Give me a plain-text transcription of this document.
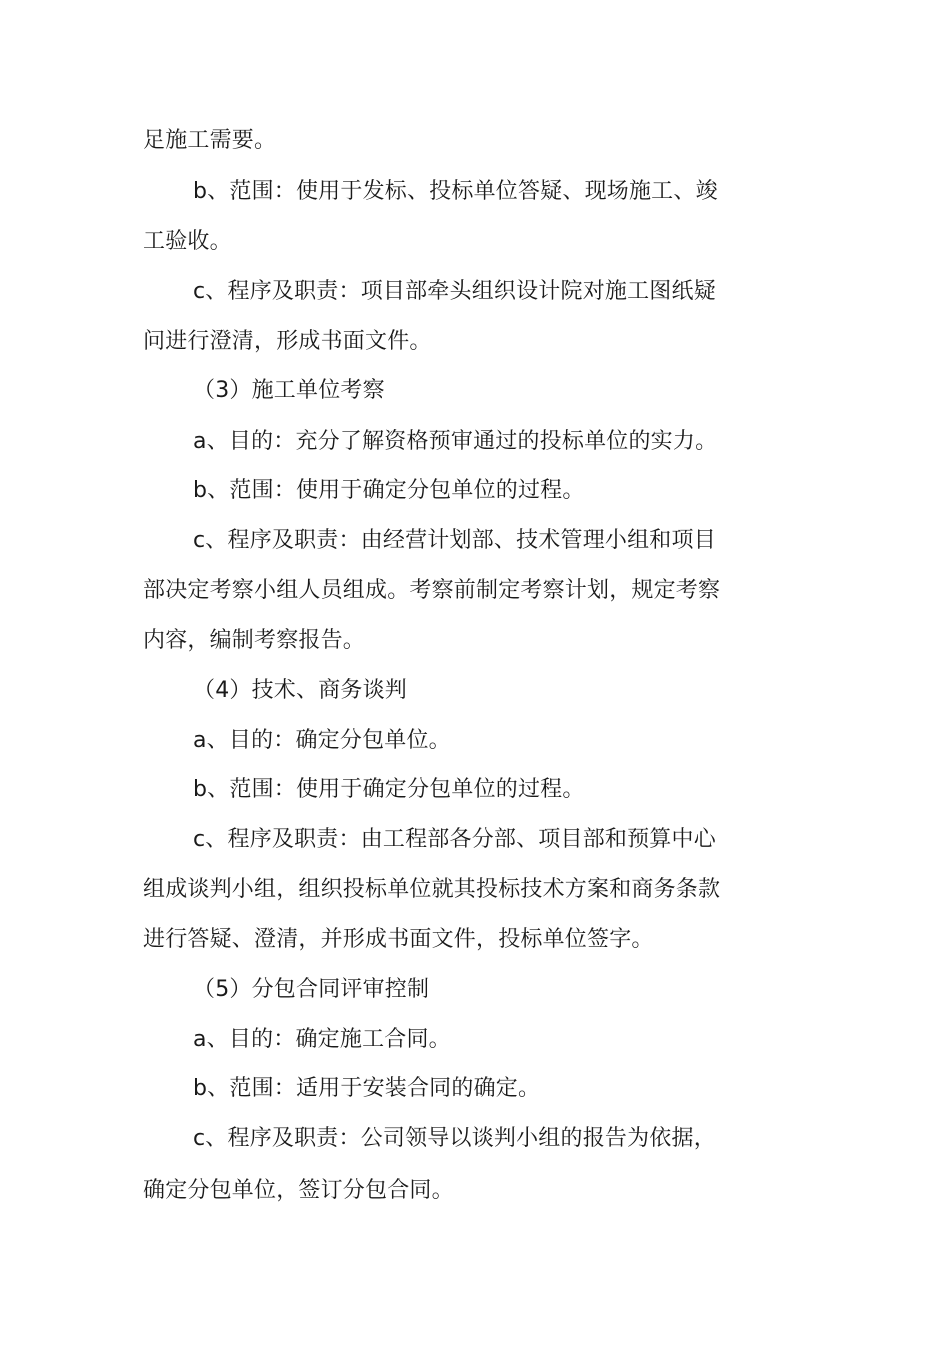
足施工需要。
b、范围：使用于发标、投标单位答疑、现场施工、竣
工验收。
c、程序及职责：项目部牵头组织设计院对施工图纸疑
问进行澄清，形成书面文件。
（3）施工单位考察
a、目的：充分了解资格预审通过的投标单位的实力。
b、范围：使用于确定分包单位的过程。
c、程序及职责：由经营计划部、技术管理小组和项目
部决定考察小组人员组成。考察前制定考察计划，规定考察
内容，编制考察报告。
（4）技术、商务谈判
a、目的：确定分包单位。
b、范围：使用于确定分包单位的过程。
c、程序及职责：由工程部各分部、项目部和预算中心
组成谈判小组，组织投标单位就其投标技术方案和商务条款
进行答疑、澄清，并形成书面文件，投标单位签字。
（5）分包合同评审控制
a、目的：确定施工合同。
b、范围：适用于安装合同的确定。
c、程序及职责：公司领导以谈判小组的报告为依据，
确定分包单位，签订分包合同。
